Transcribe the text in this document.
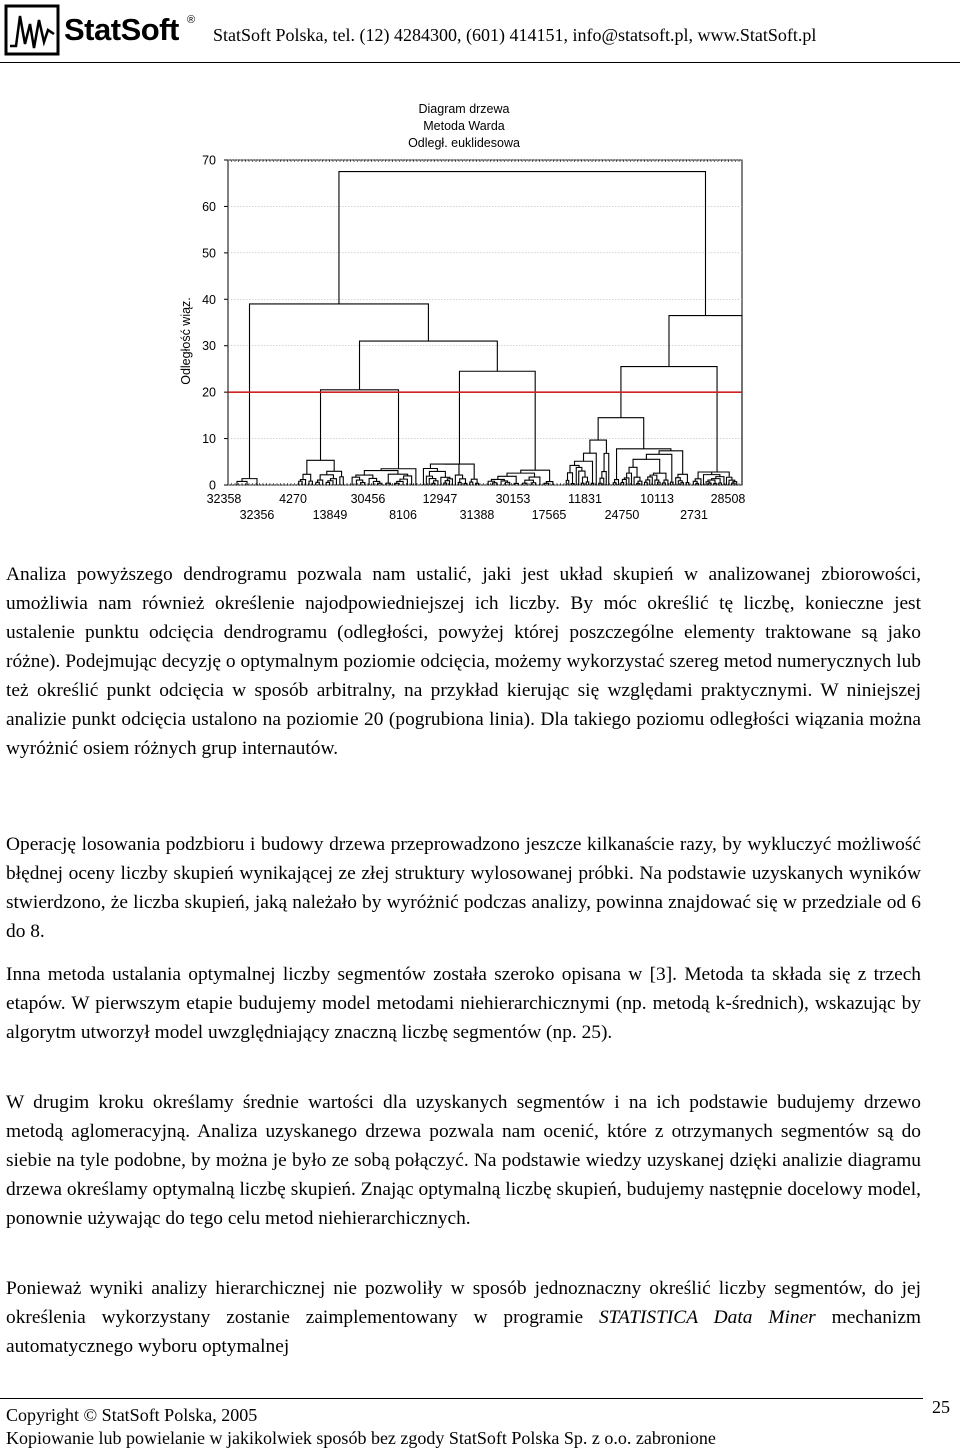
StatSoft ®
StatSoft Polska, tel. (12) 4284300, (601) 414151, info@statsoft.pl, www.StatSoft.pl
Diagram drzewa
Metoda Warda
Odległ. euklidesowa
Odległość wiąz.
0
10
20
30
40
50
60
70
32358	4270	30456	12947	30153	11831	10113	28508
32356	13849	8106	31388	17565	24750	2731

Analiza powyższego dendrogramu pozwala nam ustalić, jaki jest układ skupień w analizowanej zbiorowości, umożliwia nam również określenie najodpowiedniejszej ich liczby. By móc określić tę liczbę, konieczne jest ustalenie punktu odcięcia dendrogramu (odległości, powyżej której poszczególne elementy traktowane są jako różne). Podejmując decyzję o optymalnym poziomie odcięcia, możemy wykorzystać szereg metod numerycznych lub też określić punkt odcięcia w sposób arbitralny, na przykład kierując się względami praktycznymi. W niniejszej analizie punkt odcięcia ustalono na poziomie 20 (pogrubiona linia). Dla takiego poziomu odległości wiązania można wyróżnić osiem różnych grup internautów.

Operację losowania podzbioru i budowy drzewa przeprowadzono jeszcze kilkanaście razy, by wykluczyć możliwość błędnej oceny liczby skupień wynikającej ze złej struktury wylosowanej próbki. Na podstawie uzyskanych wyników stwierdzono, że liczba skupień, jaką należało by wyróżnić podczas analizy, powinna znajdować się w przedziale od 6 do 8.

Inna metoda ustalania optymalnej liczby segmentów została szeroko opisana w [3]. Metoda ta składa się z trzech etapów. W pierwszym etapie budujemy model metodami niehierarchicznymi (np. metodą k-średnich), wskazując by algorytm utworzył model uwzględniający znaczną liczbę segmentów (np. 25).

W drugim kroku określamy średnie wartości dla uzyskanych segmentów i na ich podstawie budujemy drzewo metodą aglomeracyjną. Analiza uzyskanego drzewa pozwala nam ocenić, które z otrzymanych segmentów są do siebie na tyle podobne, by można je było ze sobą połączyć. Na podstawie wiedzy uzyskanej dzięki analizie diagramu drzewa określamy optymalną liczbę skupień. Znając optymalną liczbę skupień, budujemy następnie docelowy model, ponownie używając do tego celu metod niehierarchicznych.

Ponieważ wyniki analizy hierarchicznej nie pozwoliły w sposób jednoznaczny określić liczby segmentów, do jej określenia wykorzystany zostanie zaimplementowany w programie STATISTICA Data Miner mechanizm automatycznego wyboru optymalnej

Copyright © StatSoft Polska, 2005
Kopiowanie lub powielanie w jakikolwiek sposób bez zgody StatSoft Polska Sp. z o.o. zabronione
25
